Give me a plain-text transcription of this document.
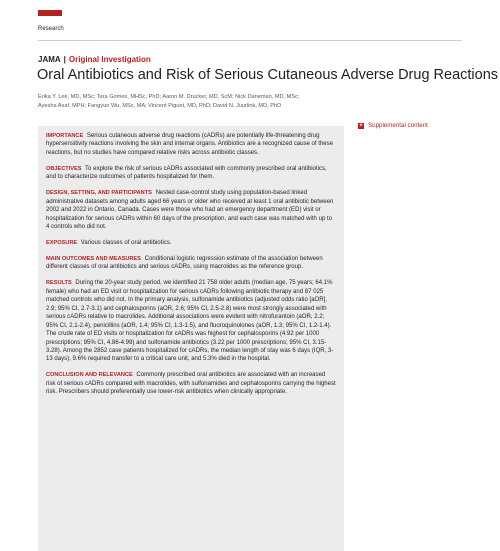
Research
JAMA | Original Investigation
Oral Antibiotics and Risk of Serious Cutaneous Adverse Drug Reactions
Erika Y. Lee, MD, MSc; Tara Gomes, MHSc, PhD; Aaron M. Drucker, MD, ScM; Nick Daneman, MD, MSc;
Ayesha Asaf, MPH; Fangyun Wu, MSc, MA; Vincent Piguet, MD, PhD; David N. Juurlink, MD, PhD
+ Supplemental content

IMPORTANCE Serious cutaneous adverse drug reactions (cADRs) are potentially life-threatening drug hypersensitivity reactions involving the skin and internal organs. Antibiotics are a recognized cause of these reactions, but no studies have compared relative risks across antibiotic classes.

OBJECTIVES To explore the risk of serious cADRs associated with commonly prescribed oral antibiotics, and to characterize outcomes of patients hospitalized for them.

DESIGN, SETTING, AND PARTICIPANTS Nested case-control study using population-based linked administrative datasets among adults aged 66 years or older who received at least 1 oral antibiotic between 2002 and 2022 in Ontario, Canada. Cases were those who had an emergency department (ED) visit or hospitalization for serious cADRs within 60 days of the prescription, and each case was matched with up to 4 controls who did not.

EXPOSURE Various classes of oral antibiotics.

MAIN OUTCOMES AND MEASURES Conditional logistic regression estimate of the association between different classes of oral antibiotics and serious cADRs, using macrolides as the reference group.

RESULTS During the 20-year study period, we identified 21 758 older adults (median age, 75 years; 64.1% female) who had an ED visit or hospitalization for serious cADRs following antibiotic therapy and 87 025 matched controls who did not. In the primary analysis, sulfonamide antibiotics (adjusted odds ratio [aOR], 2.9; 95% CI, 2.7-3.1) and cephalosporins (aOR, 2.6; 95% CI, 2.5-2.8) were most strongly associated with serious cADRs relative to macrolides. Additional associations were evident with nitrofurantoin (aOR, 2.2; 95% CI, 2.1-2.4), penicillins (aOR, 1.4; 95% CI, 1.3-1.5), and fluoroquinolones (aOR, 1.3; 95% CI, 1.2-1.4). The crude rate of ED visits or hospitalization for cADRs was highest for cephalosporins (4.92 per 1000 prescriptions; 95% CI, 4.86-4.99) and sulfonamide antibiotics (3.22 per 1000 prescriptions; 95% CI, 3.15-3.28). Among the 2852 case patients hospitalized for cADRs, the median length of stay was 6 days (IQR, 3-13 days), 9.6% required transfer to a critical care unit, and 5.3% died in the hospital.

CONCLUSION AND RELEVANCE Commonly prescribed oral antibiotics are associated with an increased risk of serious cADRs compared with macrolides, with sulfonamides and cephalosporins carrying the highest risk. Prescribers should preferentially use lower-risk antibiotics when clinically appropriate.
